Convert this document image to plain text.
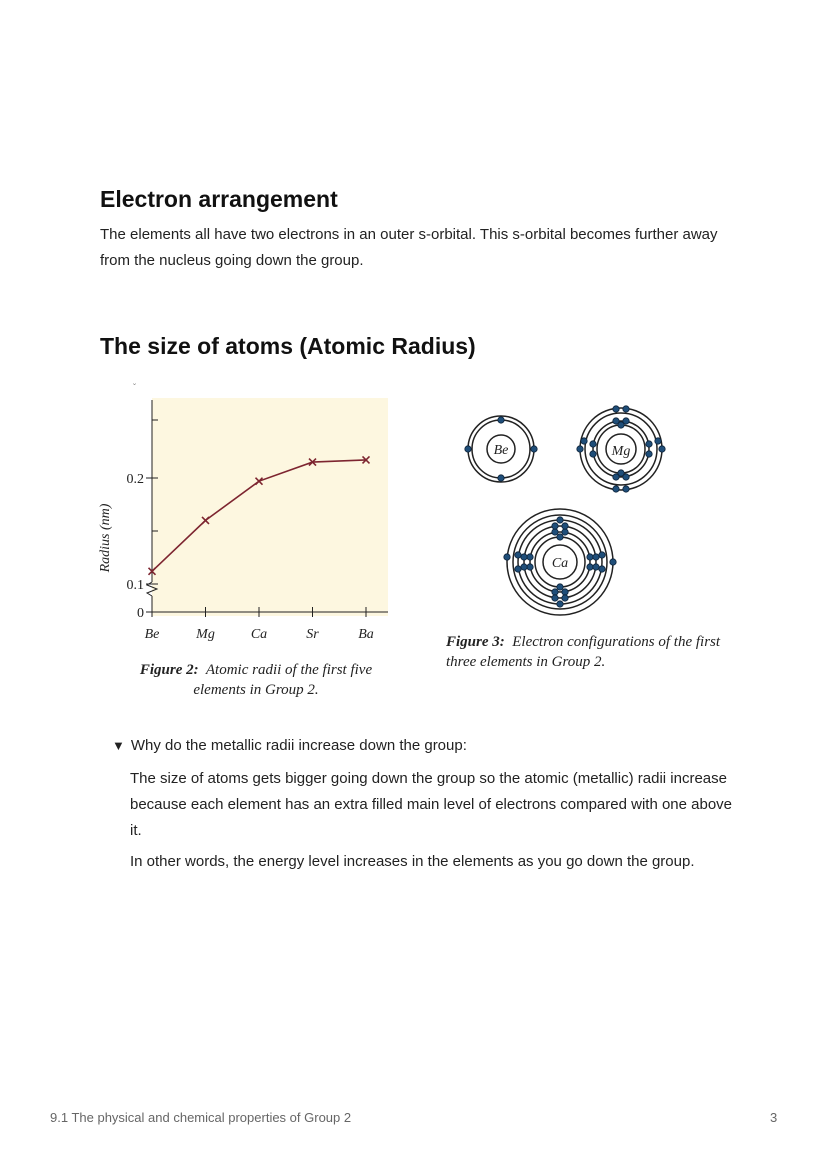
Electron arrangement

The elements all have two electrons in an outer s-orbital. This s-orbital becomes further away from the nucleus going down the group.

The size of atoms (Atomic Radius)
˘
Radius (nm)
0
0.1
0.2
Be	Mg	Ca	Sr	Ba

Figure 2: Atomic radii of the first five elements in Group 2.

Be	Mg
Ca

Figure 3: Electron configurations of the first three elements in Group 2.

▼ Why do the metallic radii increase down the group:

The size of atoms gets bigger going down the group so the atomic (metallic) radii increase because each element has an extra filled main level of electrons compared with one above it.

In other words, the energy level increases in the elements as you go down the group.

9.1 The physical and chemical properties of Group 2	3
